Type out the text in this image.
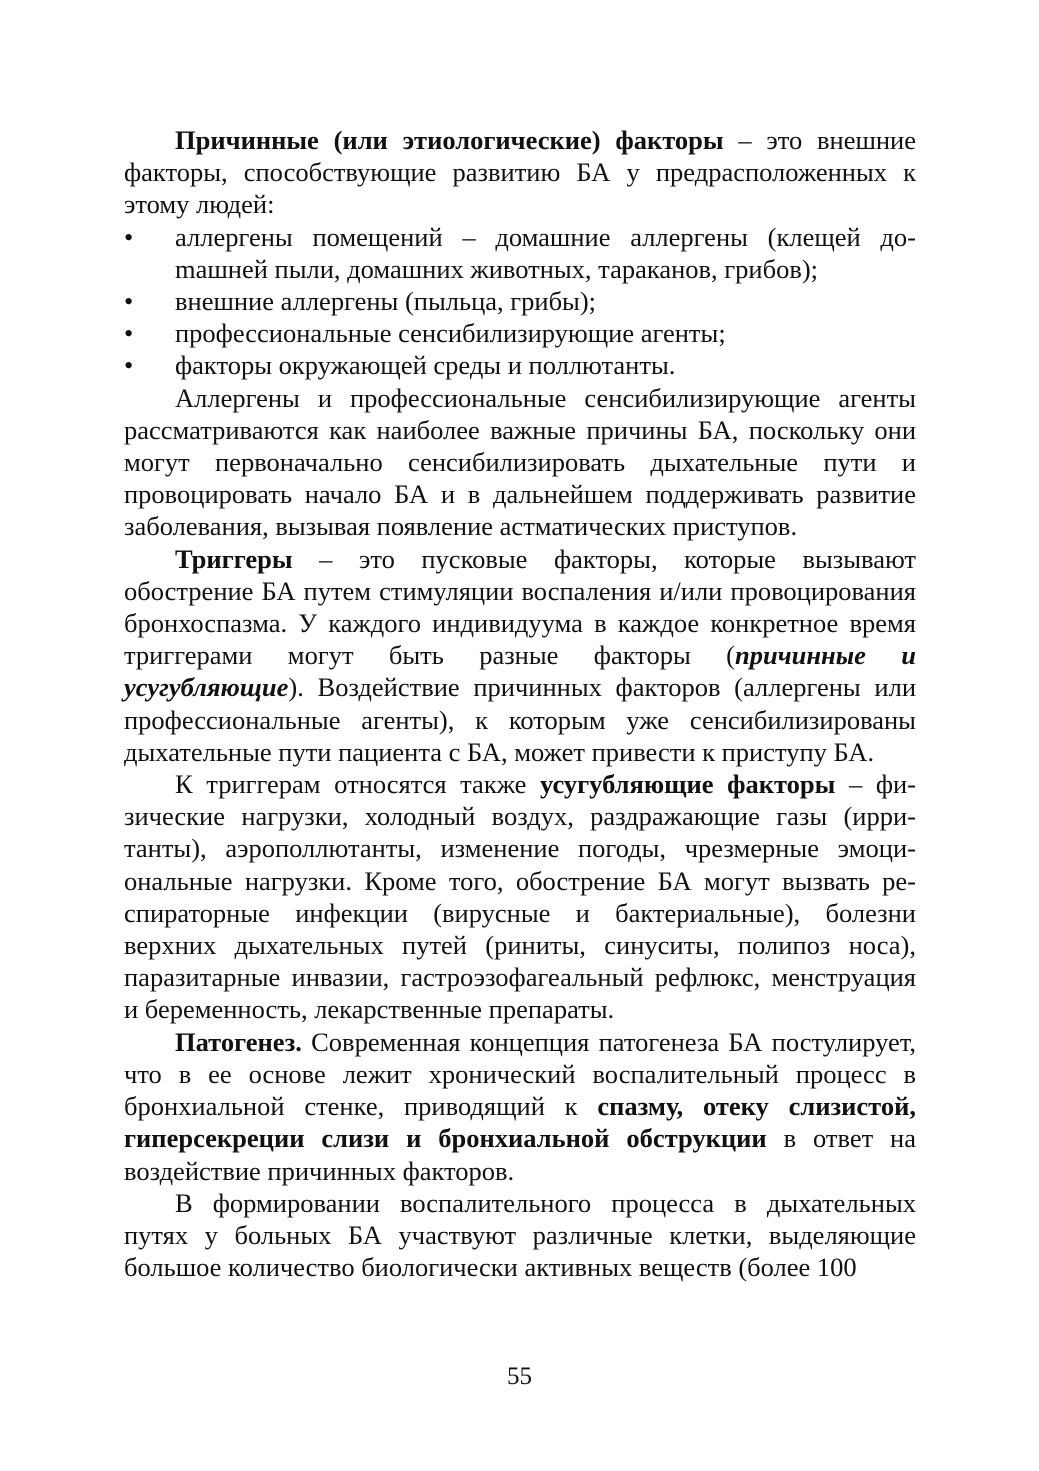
Причинные (или этиологические) факторы – это внешние факторы, способствующие развитию БА у предрасположенных к этому людей:

• аллергены помещений – домашние аллергены (клещей доmашней пыли, домашних животных, тараканов, грибов);
• внешние аллергены (пыльца, грибы);
• профессиональные сенсибилизирующие агенты;
• факторы окружающей среды и поллютанты.

Аллергены и профессиональные сенсибилизирующие агенты рассматриваются как наиболее важные причины БА, поскольку они могут первоначально сенсибилизировать дыхательные пути и провоцировать начало БА и в дальнейшем поддерживать развитие заболевания, вызывая появление астматических приступов.

Триггеры – это пусковые факторы, которые вызывают обострение БА путем стимуляции воспаления и/или провоцирования бронхоспазма. У каждого индивидуума в каждое конкретное время триггерами могут быть разные факторы (причинные и усугубляющие). Воздействие причинных факторов (аллергены или профессиональные агенты), к которым уже сенсибилизированы дыхательные пути пациента с БА, может привести к приступу БА.

К триггерам относятся также усугубляющие факторы – физические нагрузки, холодный воздух, раздражающие газы (ирританты), аэрополлютанты, изменение погоды, чрезмерные эмоциональные нагрузки. Кроме того, обострение БА могут вызвать респираторные инфекции (вирусные и бактериальные), болезни верхних дыхательных путей (риниты, синуситы, полипоз носа), паразитарные инвазии, гастроэзофагеальный рефлюкс, менструация и беременность, лекарственные препараты.

Патогенез. Современная концепция патогенеза БА постулирует, что в ее основе лежит хронический воспалительный процесс в бронхиальной стенке, приводящий к спазму, отеку слизистой, гиперсекреции слизи и бронхиальной обструкции в ответ на воздействие причинных факторов.

В формировании воспалительного процесса в дыхательных путях у больных БА участвуют различные клетки, выделяющие большое количество биологически активных веществ (более 100

55
